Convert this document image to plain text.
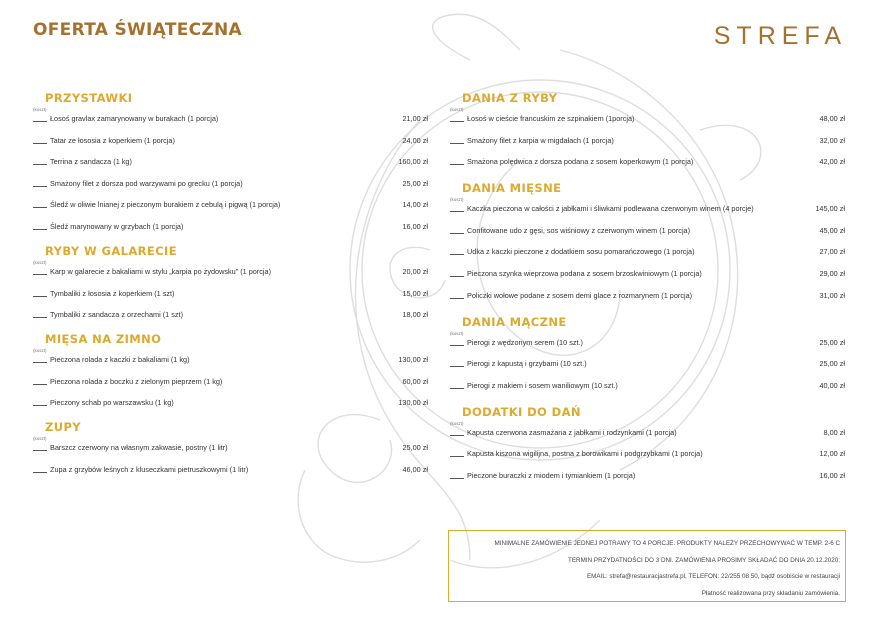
OFERTA ŚWIĄTECZNA	STREFA
PRZYSTAWKI
(koszt)
Łosoś gravlax zamarynowany w burakach (1 porcja)	21,00 zł
Tatar ze łososia z koperkiem (1 porcja)	24,00 zł
Terrina z sandacza (1 kg)	160,00 zł
Smażony filet z dorsza pod warzywami po grecku (1 porcja)	25,00 zł
Śledź w oliwie lnianej z pieczonym burakiem z cebulą i pigwą (1 porcja)	14,00 zł
Śledź marynowany w grzybach (1 porcja)	16,00 zł
RYBY W GALARECIE
(koszt)
Karp w galarecie z bakaliami w stylu „karpia po żydowsku” (1 porcja)	20,00 zł
Tymbaliki z łososia z koperkiem (1 szt)	15,00 zł
Tymbaliki z sandacza z orzechami (1 szt)	18,00 zł
MIĘSA NA ZIMNO
(koszt)
Pieczona rolada z kaczki z bakaliami (1 kg)	130,00 zł
Pieczona rolada z boczku z zielonym pieprzem (1 kg)	60,00 zł
Pieczony schab po warszawsku (1 kg)	130,00 zł
ZUPY
(koszt)
Barszcz czerwony na własnym zakwasie, postny (1 litr)	25,00 zł
Zupa z grzybów leśnych z kluseczkami pietruszkowymi (1 litr)	46,00 zł
DANIA Z RYBY
(koszt)
Łosoś w cieście francuskim ze szpinakiem (1porcja)	48,00 zł
Smażony filet z karpia w migdałach (1 porcja)	32,00 zł
Smażona polędwica z dorsza podana z sosem koperkowym (1 porcja)	42,00 zł
DANIA MIĘSNE
(koszt)
Kaczka pieczona w całości z jabłkami i śliwkami podlewana czerwonym winem (4 porcje)	145,00 zł
Confitowane udo z gęsi, sos wiśniowy z czerwonym winem (1 porcja)	45,00 zł
Udka z kaczki pieczone z dodatkiem sosu pomarańczowego (1 porcja)	27,00 zł
Pieczona szynka wieprzowa podana z sosem brzoskwiniowym (1 porcja)	29,00 zł
Policzki wołowe podane z sosem demi glace z rozmarynem (1 porcja)	31,00 zł
DANIA MĄCZNE
(koszt)
Pierogi z wędzonym serem (10 szt.)	25,00 zł
Pierogi z kapustą i grzybami (10 szt.)	25,00 zł
Pierogi z makiem i sosem waniliowym (10 szt.)	40,00 zł
DODATKI DO DAŃ
(koszt)
Kapusta czerwona zasmażana z jabłkami i rodzynkami (1 porcja)	8,00 zł
Kapusta kiszona wigilijna, postna z borowikami i podgrzybkami (1 porcja)	12,00 zł
Pieczone buraczki z miodem i tymiankiem (1 porcja)	16,00 zł
MINIMALNE ZAMÓWIENIE JEDNEJ POTRAWY TO 4 PORCJE. PRODUKTY NALEŻY PRZECHOWYWAĆ W TEMP. 2-6 C
TERMIN PRZYDATNOŚCI DO 3 DNI. ZAMÓWIENIA PROSIMY SKŁADAĆ DO DNIA 20.12.2020:
EMAIL: strefa@restauracjastrefa.pl, TELEFON: 22/255 08 50, bądź osobiście w restauracji
Płatność realizowana przy składaniu zamówienia.
